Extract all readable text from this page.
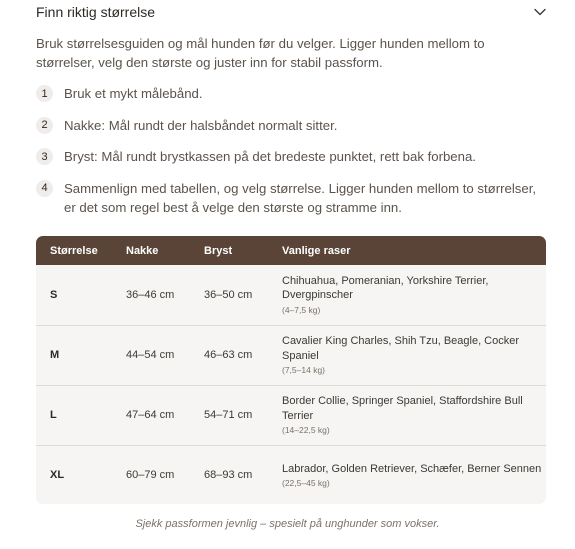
Finn riktig størrelse
Bruk størrelsesguiden og mål hunden før du velger. Ligger hunden mellom to størrelser, velg den største og juster inn for stabil passform.
1	Bruk et mykt målebånd.
2	Nakke: Mål rundt der halsbåndet normalt sitter.
3	Bryst: Mål rundt brystkassen på det bredeste punktet, rett bak forbena.
4	Sammenlign med tabellen, og velg størrelse. Ligger hunden mellom to størrelser, er det som regel best å velge den største og stramme inn.
Størrelse	Nakke	Bryst	Vanlige raser
S	36–46 cm	36–50 cm	Chihuahua, Pomeranian, Yorkshire Terrier, Dvergpinscher
(4–7,5 kg)

M	44–54 cm	46–63 cm	Cavalier King Charles, Shih Tzu, Beagle, Cocker Spaniel
(7,5–14 kg)

L	47–64 cm	54–71 cm	Border Collie, Springer Spaniel, Staffordshire Bull Terrier
(14–22,5 kg)

XL	60–79 cm	68–93 cm	Labrador, Golden Retriever, Schæfer, Berner Sennen
(22,5–45 kg)
Sjekk passformen jevnlig – spesielt på unghunder som vokser.
